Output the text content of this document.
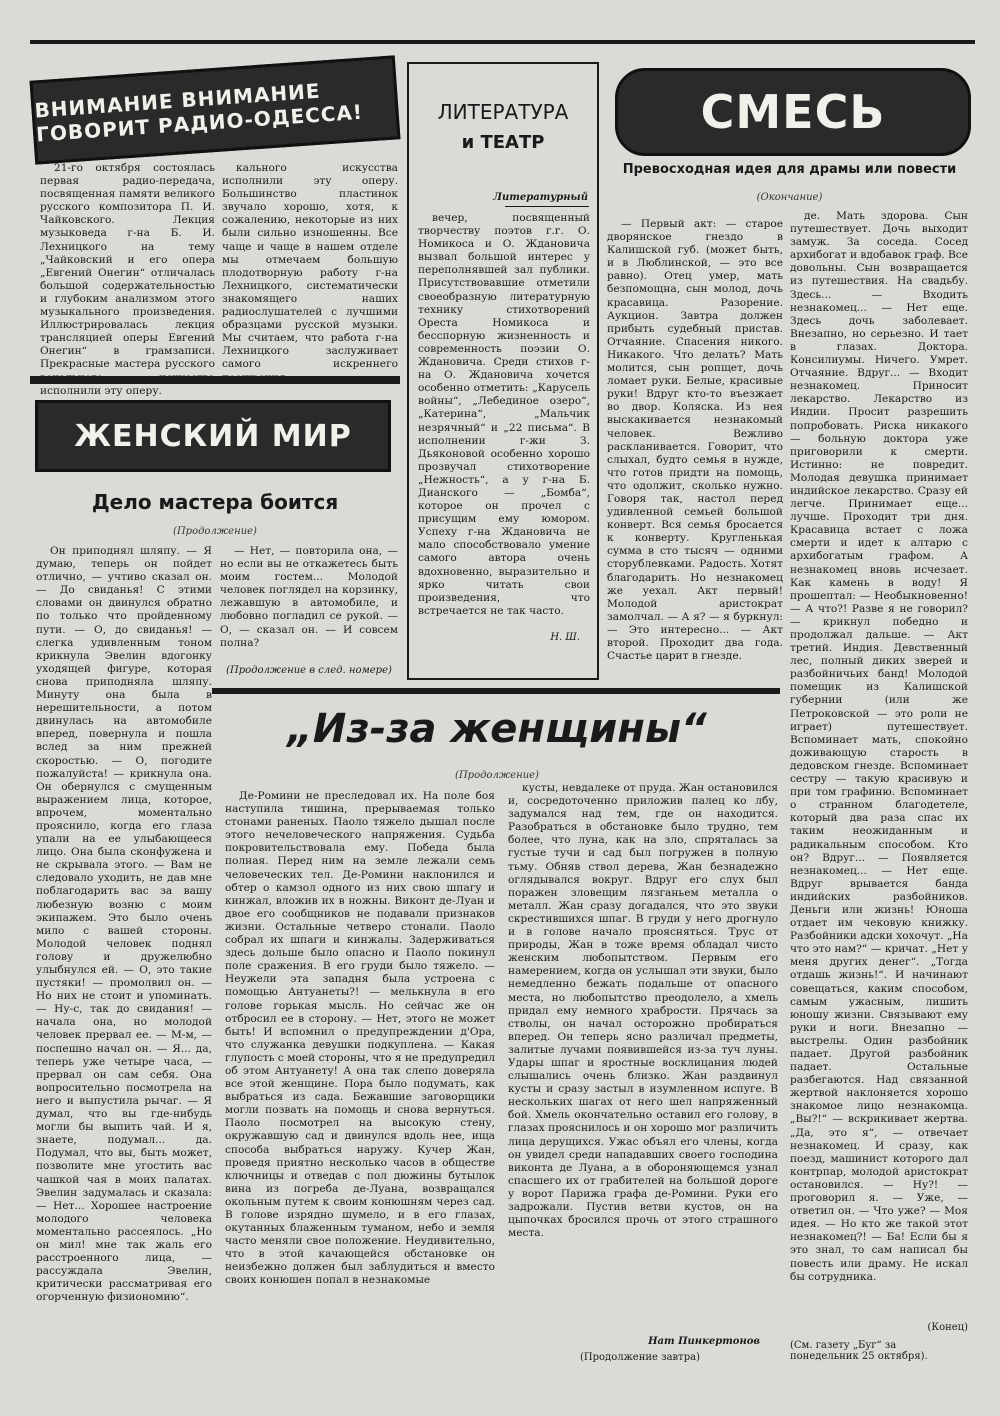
ВНИМАНИЕ ВНИМАНИЕ ГОВОРИТ РАДИО-ОДЕССА!

21-го октября состоялась первая радио-передача, посвященная памяти великого русского композитора П. И. Чайковского. Лекция музыковеда г-на Б. И. Лехницкого на тему „Чайковский и его опера „Евгений Онегин“ отличалась большой содержательностью и глубоким анализмом этого музыкального произведения. Иллюстрировалась лекция трансляцией оперы Евгений Онегин“ в грамзаписи. Прекрасные мастера русского исполнили эту оперу.

кального искусства исполнили эту оперу. Большинство пластинок звучало хорошо, хотя, к сожалению, некоторые из них были сильно изношенны. Все чаще и чаще в нашем отделе мы отмечаем большую плодотворную работу г-на Лехницкого, систематически знакомящего наших радиослушателей с лучшими образцами русской музыки. Мы считаем, что работа г-на Лехницкого заслуживает самого искреннего

ЖЕНСКИЙ МИР
Дело мастера боится
(Продолжение)

Он приподнял шляпу. — Я думаю, теперь он пойдет отлично, — учтиво сказал он. — До свиданья! С этими словами он двинулся обратно по только что пройденному пути. — О, до свиданья! — слегка удивленным тоном крикнула Эвелин вдогонку уходящей фигуре, которая снова приподняла шляпу. Минуту она была в нерешительности, а потом двинулась на автомобиле вперед, повернула и пошла вслед за ним прежней скоростью. — О, погодите пожалуйста! — крикнула она. Он обернулся с смущенным выражением лица, которое, впрочем, моментально прояснило, когда его глаза упали на ее улыбающееся лицо. Она была сконфужена и не скрывала этого. — Вам не следовало уходить, не дав мне поблагодарить вас за вашу любезную возню с моим экипажем. Это было очень мило с вашей стороны. Молодой человек поднял голову и дружелюбно улыбнулся ей. — О, это такие пустяки! — промолвил он. — Но них не стоит и упоминать. — Ну-с, так до свидания! — начала она, но молодой человек прервал ее. — М-м, — поспешно начал он. — Я... да, теперь уже четыре часа, — прервал он сам себя. Она вопросительно посмотрела на него и выпустила рычаг. — Я думал, что вы где-нибудь могли бы выпить чай. И я, знаете, подумал... да. Подумал, что вы, быть может, позволите мне угостить вас чашкой чая в моих палатах. Эвелин задумалась и сказала: — Нет... Хорошее настроение молодого человека моментально рассеялось. „Но он мил! мне так жаль его расстроенного лица, — рассуждала Эвелин, критически рассматривая его огорченную физиономию“.

— Нет, — повторила она, — но если вы не откажетесь быть моим гостем... Молодой человек поглядел на корзинку, лежавшую в автомобиле, и любовно погладил се рукой. — О, — сказал он. — И совсем полна?

(Продолжение в след. номере)
ЛИТЕРАТУРА
и ТЕАТР
Литературный

вечер, посвященный творчеству поэтов г.г. О. Номикоса и О. Ждановича вызвал большой интерес у переполнявшей зал публики. Присутствовавшие отметили своеобразную литературную технику стихотворений Ореста Номикоса и бесспорную жизненность и современность поэзии О. Ждановича. Среди стихов г-на О. Ждановича хочется особенно отметить: „Карусель войны“, „Лебединое озеро“, „Катерина“, „Мальчик незрячный“ и „22 письма“. В исполнении г-жи З. Дьяконовой особенно хорошо прозвучал стихотворение „Нежность“, а у г-на Б. Дианского — „Бомба“, которое он прочел с присущим ему юмором. Успеху г-на Ждановича не мало способствовало умение самого автора очень вдохновенно, выразительно и ярко читать свои произведения, что встречается не так часто.

Н. Ш.
СМЕСЬ
Превосходная идея для драмы или повести
(Окончание)

— Первый акт: — старое дворянское гнездо в Калишской губ. (может быть, и в Люблинской, — это все равно). Отец умер, мать безпомощна, сын молод, дочь красавица. Разорение. Аукцион. Завтра должен прибыть судебный пристав. Отчаяние. Спасения никого. Никакого. Что делать? Мать молится, сын ропщет, дочь ломает руки. Белые, красивые руки! Вдруг кто-то въезжает во двор. Коляска. Из нея выскакивается незнакомый человек. Вежливо раскланивается. Говорит, что слыхал, будто семья в нужде, что готов придти на помощь, что одолжит, сколько нужно. Говоря так, настол перед удивленной семьей большой конверт. Вся семья бросается к конверту. Кругленькая сумма в сто тысяч — одними сторублевками. Радость. Хотят благодарить. Но незнакомец же уехал. Акт первый! Молодой аристократ замолчал. — А я? — я буркнул: — Это интересно... — Акт второй. Проходит два года. Счастье царит в гнезде.

де. Мать здорова. Сын путешествует. Дочь выходит замуж. За соседа. Сосед архибогат и вдобавок граф. Все довольны. Сын возвращается из путешествия. На свадьбу. Здесь... — Входить незнакомец... — Нет еще. Здесь дочь заболевает. Внезапно, но серьезно. И тает в глазах. Доктора. Консилиумы. Ничего. Умрет. Отчаяние. Вдруг... — Входит незнакомец. Приносит лекарство. Лекарство из Индии. Просит разрешить попробовать. Риска никакого — больную доктора уже приговорили к смерти. Истинно: не повредит. Молодая девушка принимает индийское лекарство. Сразу ей легче. Принимает еще... лучше. Проходит три дня. Красавица встает с ложа смерти и идет к алтарю с архибогатым графом. А незнакомец вновь исчезает. Как камень в воду! Я прошептал: — Необыкновенно! — А что?! Разве я не говорил? — крикнул победно и продолжал дальше. — Акт третий. Индия. Девственный лес, полный диких зверей и разбойничьих банд! Молодой помещик из Калишской губернии (или же Петроковской — это роли не играет) путешествует. Вспоминает мать, спокойно доживающую старость в дедовском гнезде. Вспоминает сестру — такую красивую и при том графиню. Вспоминает о странном благодетеле, который два раза спас их таким неожиданным и радикальным способом. Кто он? Вдруг... — Появляется незнакомец... — Нет еще. Вдруг врывается банда индийских разбойников. Деньги или жизнь! Юноша отдает им чековую книжку. Разбойники адски хохочут. „На что это нам?“ — кричат. „Нет у меня других денег“. „Тогда отдашь жизнь!“. И начинают совещаться, каким способом, самым ужасным, лишить юношу жизни. Связывают ему руки и ноги. Внезапно — выстрелы. Один разбойник падает. Другой разбойник падает. Остальные разбегаются. Над связанной жертвой наклоняется хорошо знакомое лицо незнакомца. „Вы?!“ — вскрикивает жертва. „Да, это я“, — отвечает незнакомец. И сразу, как поезд, машинист которого дал контрпар, молодой аристократ остановился. — Ну?! — проговорил я. — Уже, — ответил он. — Что уже? — Моя идея. — Но кто же такой этот незнакомец?! — Ба! Если бы я это знал, то сам написал бы повесть или драму. Не искал бы сотрудника.

(Конец)
(См. газету „Буг“ за понедельник 25 октября).
„Из-за женщины“
(Продолжение)

Де-Ромини не преследовал их. На поле боя наступила тишина, прерываемая только стонами раненых. Паоло тяжело дышал после этого нечеловеческого напряжения. Судьба покровительствовала ему. Победа была полная. Перед ним на земле лежали семь человеческих тел. Де-Ромини наклонился и обтер о камзол одного из них свою шпагу и кинжал, вложив их в ножны. Виконт де-Луан и двое его сообщников не подавали признаков жизни. Остальные четверо стонали. Паоло собрал их шпаги и кинжалы. Задерживаться здесь дольше было опасно и Паоло покинул поле сражения. В его груди было тяжело. — Неужели эта западня была устроена с помощью Антуанеты?! — мелькнула в его голове горькая мысль. Но сейчас же он отбросил ее в сторону. — Нет, этого не может быть! И вспомнил о предупреждении д'Ора, что служанка девушки подкуплена. — Какая глупость с моей стороны, что я не предупредил об этом Антуанету! А она так слепо доверяла все этой женщине. Пора было подумать, как выбраться из сада. Бежавшие заговорщики могли позвать на помощь и снова вернуться. Паоло посмотрел на высокую стену, окружавшую сад и двинулся вдоль нее, ища способа выбраться наружу. Кучер Жан, проведя приятно несколько часов в обществе ключницы и отведав с пол дюжины бутылок вина из погреба де-Луана, возвращался окольным путем к своим конюшням через сад. В голове изрядно шумело, и в его глазах, окутанных блаженным туманом, небо и земля часто меняли свое положение. Неудивительно, что в этой качающейся обстановке он неизбежно должен был заблудиться и вместо своих конюшен попал в незнакомые

кусты, невдалеке от пруда. Жан остановился и, сосредоточенно приложив палец ко лбу, задумался над тем, где он находится. Разобраться в обстановке было трудно, тем более, что луна, как на зло, спряталась за густые тучи и сад был погружен в полную тьму. Обняв ствол дерева, Жан безнадежно оглядывался вокруг. Вдруг его слух был поражен зловещим лязганьем металла о металл. Жан сразу догадался, что это звуки скрестившихся шпаг. В груди у него дрогнуло и в голове начало проясняться. Трус от природы, Жан в тоже время обладал чисто женским любопытством. Первым его намерением, когда он услышал эти звуки, было немедленно бежать подальше от опасного места, но любопытство преодолело, а хмель придал ему немного храбрости. Прячась за стволы, он начал осторожно пробираться вперед. Он теперь ясно различал предметы, залитые лучами появившейся из-за туч луны. Удары шпаг и яростные восклицания людей слышались очень близко. Жан раздвинул кусты и сразу застыл в изумленном испуге. В нескольких шагах от него шел напряженный бой. Хмель окончательно оставил его голову, в глазах прояснилось и он хорошо мог различить лица дерущихся. Ужас объял его члены, когда он увидел среди нападавших своего господина виконта де Луана, а в обороняющемся узнал спасшего их от грабителей на большой дороге у ворот Парижа графа де-Ромини. Руки его задрожали. Пустив ветви кустов, он на цыпочках бросился прочь от этого страшного места.

Нат Пинкертонов
(Продолжение завтра)
